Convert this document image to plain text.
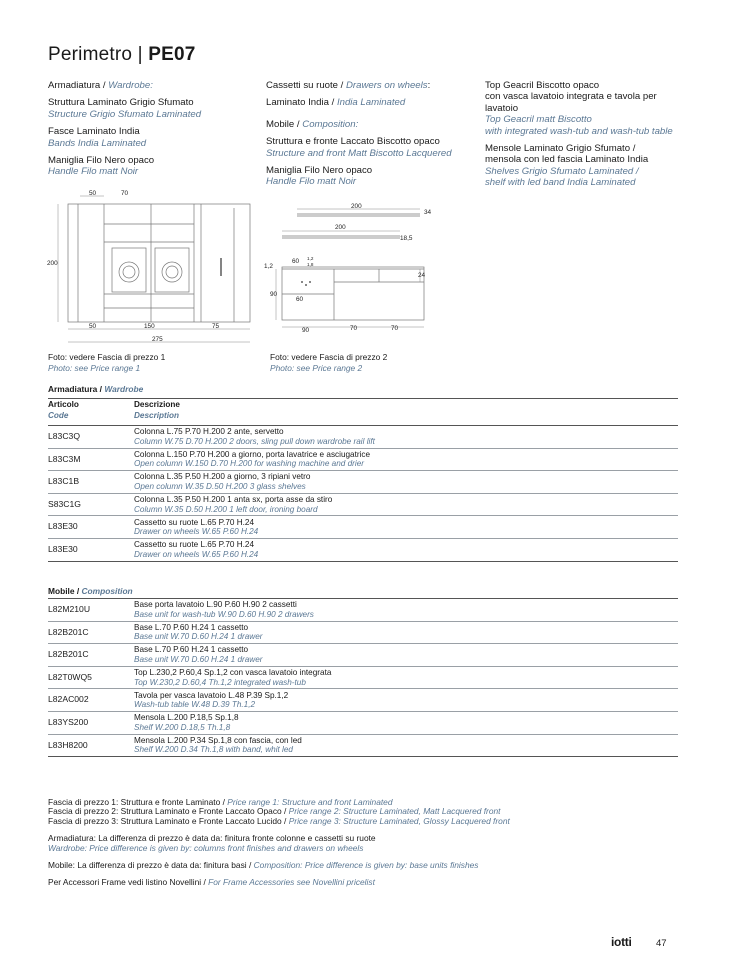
Perimetro | PE07
Armadiatura / Wardrobe:
Struttura Laminato Grigio Sfumato
Structure Grigio Sfumato Laminated
Fasce Laminato India
Bands India Laminated
Maniglia Filo Nero opaco
Handle Filo matt Noir
Cassetti su ruote / Drawers on wheels:
Laminato India / India Laminated
Mobile / Composition:
Struttura e fronte Laccato Biscotto opaco
Structure and front Matt Biscotto Lacquered
Maniglia Filo Nero opaco
Handle Filo matt Noir
Top Geacril Biscotto opaco
con vasca lavatoio integrata e tavola per lavatoio
Top Geacril matt Biscotto
with integrated wash-tub and wash-tub table
Mensole Laminato Grigio Sfumato /
mensola con led fascia Laminato India
Shelves Grigio Sfumato Laminated /
shelf with led band India Laminated
50	70
200
50	150	75
275
200
34
200
18,5
1,2
60 1,2
1,8
24
90
60
90	70	70
Foto: vedere Fascia di prezzo 1
Photo: see Price range 1
Foto: vedere Fascia di prezzo 2
Photo: see Price range 2
Armadiatura / Wardrobe
Articolo
Code	Descrizione
Description
L83C3Q	Colonna L.75 P.70 H.200 2 ante, servetto
Column W.75 D.70 H.200 2 doors, sling pull down wardrobe rail lift

L83C3M	Colonna L.150 P.70 H.200 a giorno, porta lavatrice e asciugatrice
Open column W.150 D.70 H.200 for washing machine and drier

L83C1B	Colonna L.35 P.50 H.200 a giorno, 3 ripiani vetro
Open column W.35 D.50 H.200 3 glass shelves

S83C1G	Colonna L.35 P.50 H.200 1 anta sx, porta asse da stiro
Column W.35 D.50 H.200 1 left door, ironing board

L83E30	Cassetto su ruote L.65 P.70 H.24
Drawer on wheels W.65 P.60 H.24

L83E30	Cassetto su ruote L.65 P.70 H.24
Drawer on wheels W.65 P.60 H.24
Mobile / Composition
L82M210U	Base porta lavatoio L.90 P.60 H.90 2 cassetti
Base unit for wash-tub W.90 D.60 H.90 2 drawers

L82B201C	Base L.70 P.60 H.24 1 cassetto
Base unit W.70 D.60 H.24 1 drawer

L82B201C	Base L.70 P.60 H.24 1 cassetto
Base unit W.70 D.60 H.24 1 drawer

L82T0WQ5	Top L.230,2 P.60,4 Sp.1,2 con vasca lavatoio integrata
Top W.230,2 D.60,4 Th.1,2 integrated wash-tub

L82AC002	Tavola per vasca lavatoio L.48 P.39 Sp.1,2
Wash-tub table W.48 D.39 Th.1,2

L83YS200	Mensola L.200 P.18,5 Sp.1,8
Shelf W.200 D.18,5 Th.1,8

L83H8200	Mensola L.200 P.34 Sp.1,8 con fascia, con led
Shelf W.200 D.34 Th.1,8 with band, whit led

Fascia di prezzo 1: Struttura e fronte Laminato / Price range 1: Structure and front Laminated
Fascia di prezzo 2: Struttura Laminato e Fronte Laccato Opaco / Price range 2: Structure Laminated, Matt Lacquered front
Fascia di prezzo 3: Struttura Laminato e Fronte Laccato Lucido / Price range 3: Structure Laminated, Glossy Lacquered front

Armadiatura: La differenza di prezzo è data da: finitura fronte colonne e cassetti su ruote
Wardrobe: Price difference is given by: columns front finishes and drawers on wheels

Mobile: La differenza di prezzo è data da: finitura basi / Composition: Price difference is given by: base units finishes

Per Accessori Frame vedi listino Novellini / For Frame Accessories see Novellini pricelist

iotti	47
